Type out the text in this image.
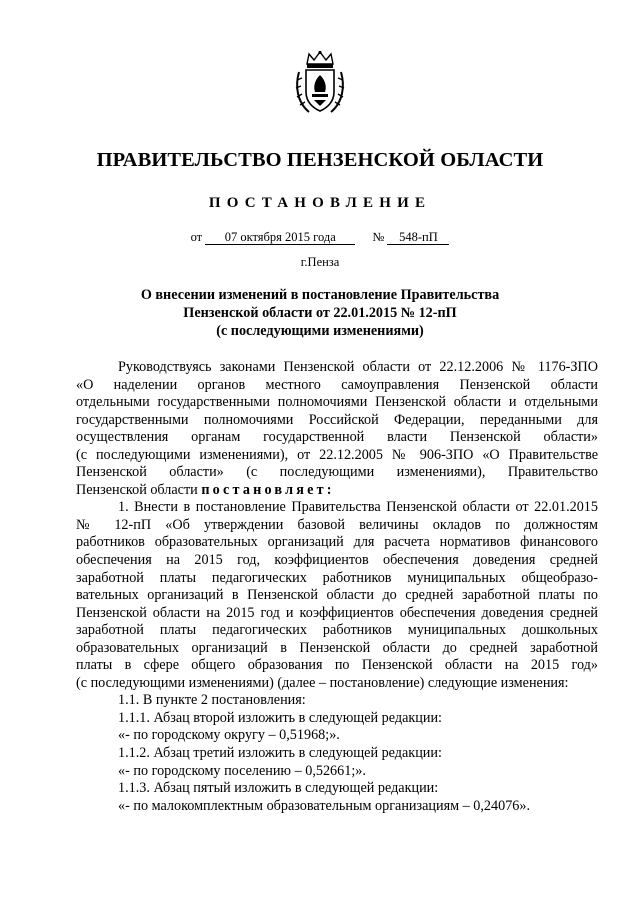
ПРАВИТЕЛЬСТВО ПЕНЗЕНСКОЙ ОБЛАСТИ
ПОСТАНОВЛЕНИЕ
от 07 октября 2015 года	№ 548-пП
г.Пенза
О внесении изменений в постановление Правительства
Пензенской области от 22.01.2015 № 12-пП
(с последующими изменениями)

Руководствуясь законами Пензенской области от 22.12.2006 № 1176-ЗПО

«О наделении органов местного самоуправления Пензенской области

отдельными государственными полномочиями Пензенской области и отдельными

государственными полномочиями Российской Федерации, переданными для

осуществления органам государственной власти Пензенской области»

(с последующими изменениями), от 22.12.2005 № 906-ЗПО «О Правительстве

Пензенской области» (с последующими изменениями), Правительство

Пензенской области постановляет:

1. Внести в постановление Правительства Пензенской области от 22.01.2015

№ 12-пП «Об утверждении базовой величины окладов по должностям

работников образовательных организаций для расчета нормативов финансового

обеспечения на 2015 год, коэффициентов обеспечения доведения средней

заработной платы педагогических работников муниципальных общеобразо-

вательных организаций в Пензенской области до средней заработной платы по

Пензенской области на 2015 год и коэффициентов обеспечения доведения средней

заработной платы педагогических работников муниципальных дошкольных

образовательных организаций в Пензенской области до средней заработной

платы в сфере общего образования по Пензенской области на 2015 год»

(с последующими изменениями) (далее – постановление) следующие изменения:

1.1. В пункте 2 постановления:

1.1.1. Абзац второй изложить в следующей редакции:

«- по городскому округу – 0,51968;».

1.1.2. Абзац третий изложить в следующей редакции:

«- по городскому поселению – 0,52661;».

1.1.3. Абзац пятый изложить в следующей редакции:

«- по малокомплектным образовательным организациям – 0,24076».
